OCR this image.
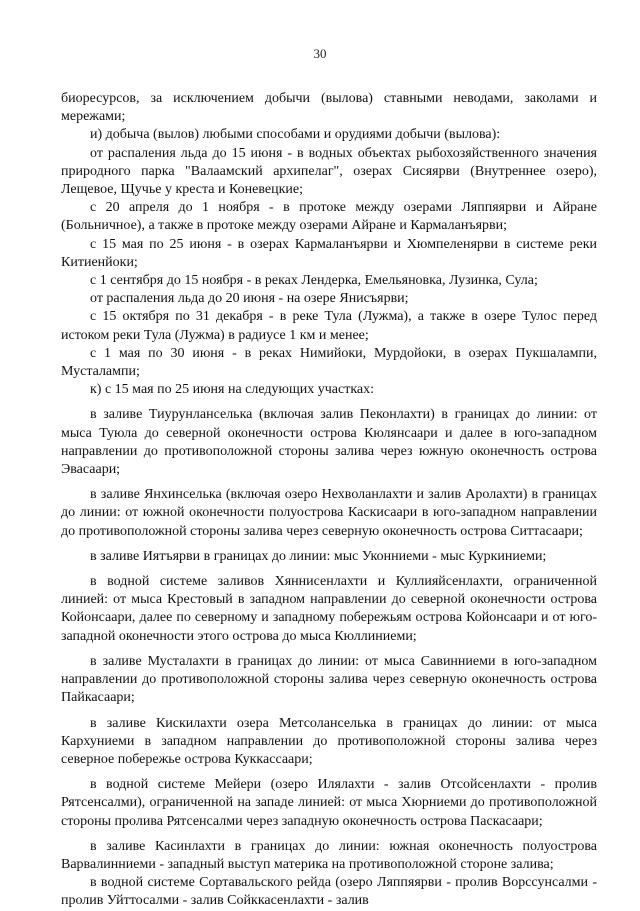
30

биоресурсов, за исключением добычи (вылова) ставными неводами, заколами и мережами;

и) добыча (вылов) любыми способами и орудиями добычи (вылова):

от распаления льда до 15 июня - в водных объектах рыбохозяйственного значения природного парка "Валаамский архипелаг", озерах Сисяярви (Внутреннее озеро), Лещевое, Щучье у креста и Коневецкие;

с 20 апреля до 1 ноября - в протоке между озерами Ляппяярви и Айране (Больничное), а также в протоке между озерами Айране и Кармаланъярви;

с 15 мая по 25 июня - в озерах Кармаланъярви и Хюмпеленярви в системе реки Китиенйоки;

с 1 сентября до 15 ноября - в реках Лендерка, Емельяновка, Лузинка, Сула;

от распаления льда до 20 июня - на озере Янисъярви;

с 15 октября по 31 декабря - в реке Тула (Лужма), а также в озере Тулос перед истоком реки Тула (Лужма) в радиусе 1 км и менее;

с 1 мая по 30 июня - в реках Нимийоки, Мурдойоки, в озерах Пукшалампи, Мусталампи;

к) с 15 мая по 25 июня на следующих участках:

в заливе Тиурунланселька (включая залив Пеконлахти) в границах до линии: от мыса Туюла до северной оконечности острова Кюлянсаари и далее в юго-западном направлении до противоположной стороны залива через южную оконечность острова Эвасаари;

в заливе Янхинселька (включая озеро Нехволанлахти и залив Аролахти) в границах до линии: от южной оконечности полуострова Каскисаари в юго-западном направлении до противоположной стороны залива через северную оконечность острова Ситтасаари;

в заливе Иятъярви в границах до линии: мыс Уконниеми - мыс Куркиниеми;

в водной системе заливов Хяннисенлахти и Куллияйсенлахти, ограниченной линией: от мыса Крестовый в западном направлении до северной оконечности острова Койонсаари, далее по северному и западному побережьям острова Койонсаари и от юго-западной оконечности этого острова до мыса Кюллиниеми;

в заливе Мусталахти в границах до линии: от мыса Савинниеми в юго-западном направлении до противоположной стороны залива через северную оконечность острова Пайкасаари;

в заливе Кискилахти озера Метсоланселька в границах до линии: от мыса Кархуниеми в западном направлении до противоположной стороны залива через северное побережье острова Куккассаари;

в водной системе Мейери (озеро Илялахти - залив Отсойсенлахти - пролив Рятсенсалми), ограниченной на западе линией: от мыса Хюрниеми до противоположной стороны пролива Рятсенсалми через западную оконечность острова Паскасаари;

в заливе Касинлахти в границах до линии: южная оконечность полуострова Варвалинниеми - западный выступ материка на противоположной стороне залива;

в водной системе Сортавальского рейда (озеро Ляппяярви - пролив Ворссунсалми - пролив Уйттосалми - залив Сойккасенлахти - залив
